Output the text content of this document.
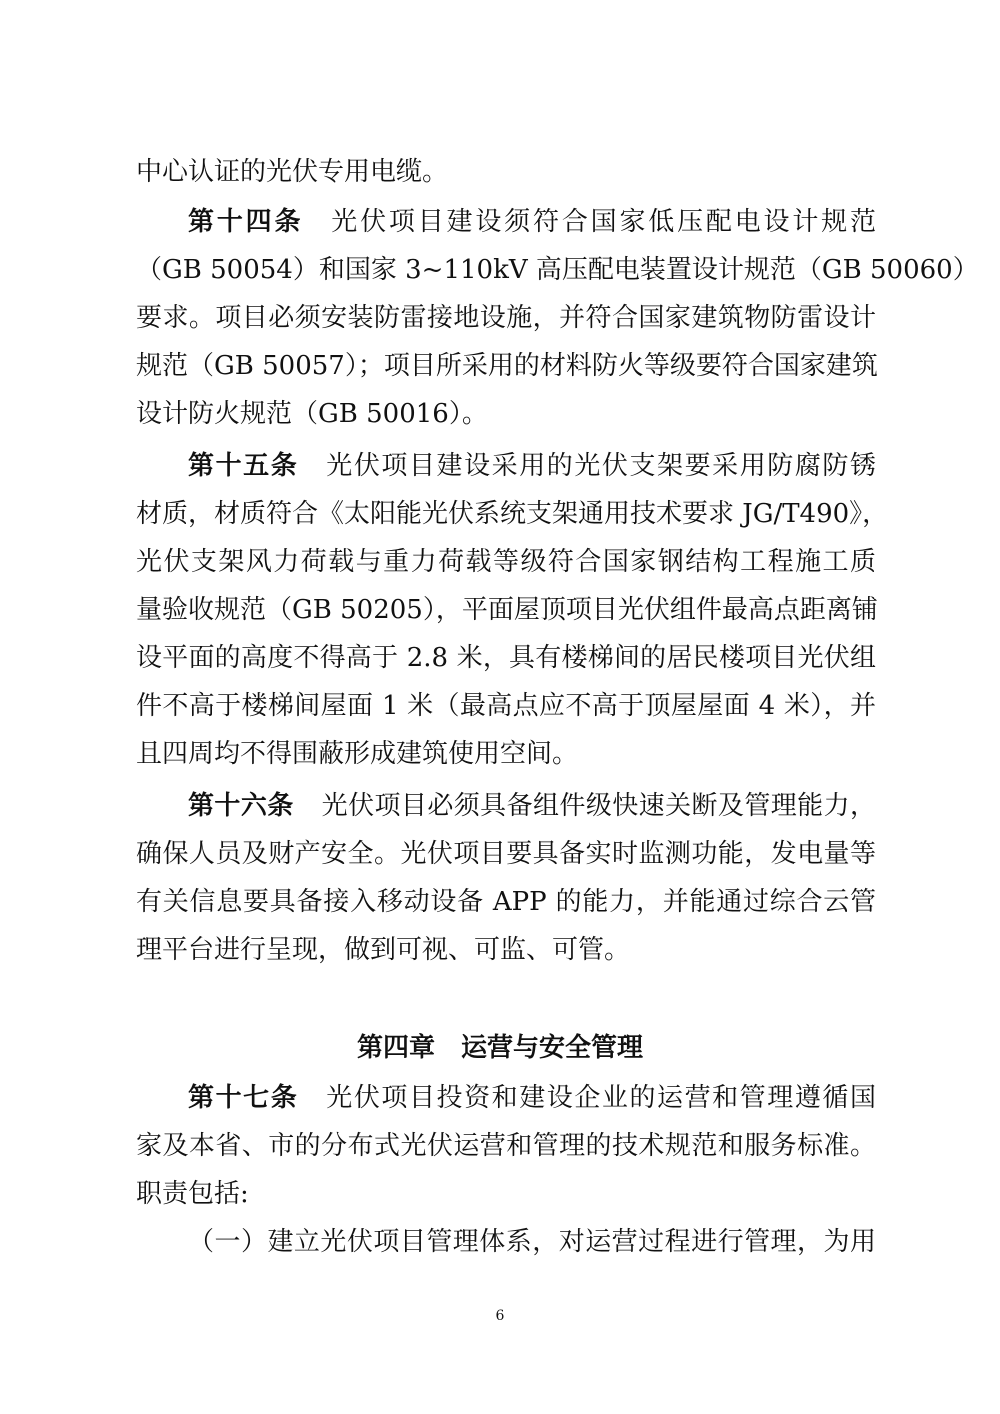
中心认证的光伏专用电缆。
第十四条 光伏项目建设须符合国家低压配电设计规范
（GB 50054）和国家 3~110kV 高压配电装置设计规范（GB 50060）
要求。项目必须安装防雷接地设施，并符合国家建筑物防雷设计
规范（GB 50057）；项目所采用的材料防火等级要符合国家建筑
设计防火规范（GB 50016）。
第十五条 光伏项目建设采用的光伏支架要采用防腐防锈
材质，材质符合《太阳能光伏系统支架通用技术要求 JG/T490》，
光伏支架风力荷载与重力荷载等级符合国家钢结构工程施工质
量验收规范（GB 50205），平面屋顶项目光伏组件最高点距离铺
设平面的高度不得高于 2.8 米，具有楼梯间的居民楼项目光伏组
件不高于楼梯间屋面 1 米（最高点应不高于顶屋屋面 4 米），并
且四周均不得围蔽形成建筑使用空间。
第十六条 光伏项目必须具备组件级快速关断及管理能力，
确保人员及财产安全。光伏项目要具备实时监测功能，发电量等
有关信息要具备接入移动设备 APP 的能力，并能通过综合云管
理平台进行呈现，做到可视、可监、可管。
第四章 运营与安全管理
第十七条 光伏项目投资和建设企业的运营和管理遵循国
家及本省、市的分布式光伏运营和管理的技术规范和服务标准。
职责包括:
（一）建立光伏项目管理体系，对运营过程进行管理，为用
6
